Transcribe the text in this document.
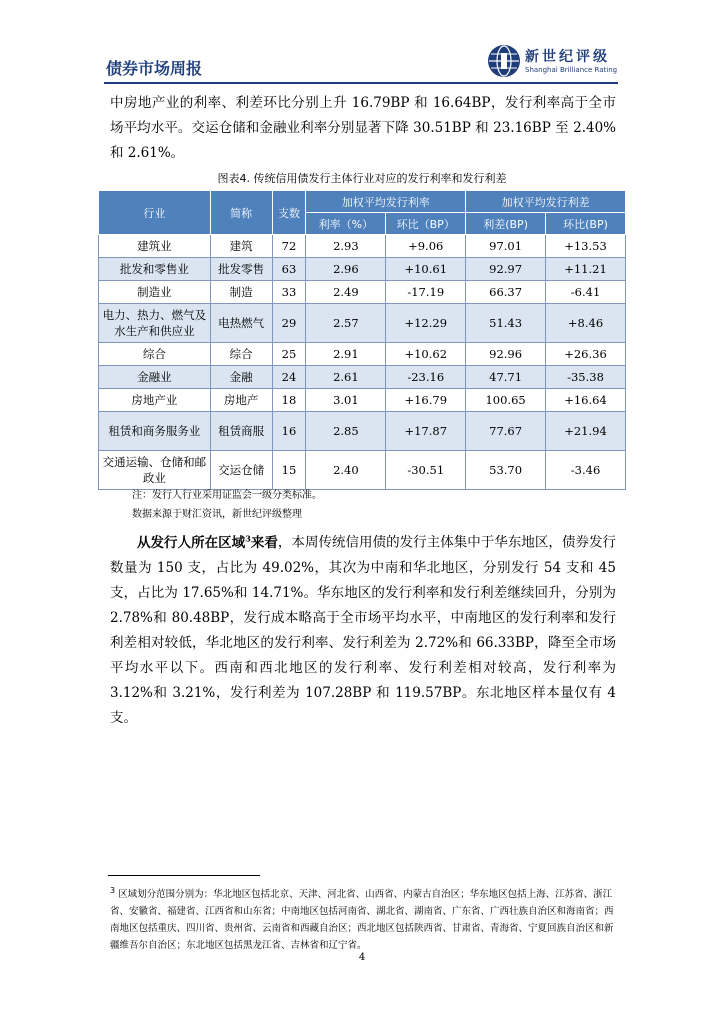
债券市场周报
新世纪评级
Shanghai Brilliance Rating

中房地产业的利率、利差环比分别上升 16.79BP 和 16.64BP，发行利率高于全市场平均水平。交运仓储和金融业利率分别显著下降 30.51BP 和 23.16BP 至 2.40%和 2.61%。

图表4. 传统信用债发行主体行业对应的发行利率和发行利差
行业	简称	支数	加权平均发行利率		加权平均发行利差	
			利率（%）	环比（BP）	利差(BP)	环比(BP)
建筑业	建筑	72	2.93	+9.06	97.01	+13.53
批发和零售业	批发零售	63	2.96	+10.61	92.97	+11.21
制造业	制造	33	2.49	-17.19	66.37	-6.41
电力、热力、燃气及水生产和供应业	电热燃气	29	2.57	+12.29	51.43	+8.46
综合	综合	25	2.91	+10.62	92.96	+26.36
金融业	金融	24	2.61	-23.16	47.71	-35.38
房地产业	房地产	18	3.01	+16.79	100.65	+16.64
租赁和商务服务业	租赁商服	16	2.85	+17.87	77.67	+21.94
交通运输、仓储和邮政业	交运仓储	15	2.40	-30.51	53.70	-3.46
注：发行人行业采用证监会一级分类标准。
数据来源于财汇资讯，新世纪评级整理

从发行人所在区域$^3$来看，本周传统信用债的发行主体集中于华东地区，债券发行数量为 150 支，占比为 49.02%，其次为中南和华北地区，分别发行 54 支和 45 支，占比为 17.65%和 14.71%。华东地区的发行利率和发行利差继续回升，分别为 2.78%和 80.48BP，发行成本略高于全市场平均水平，中南地区的发行利率和发行利差相对较低，华北地区的发行利率、发行利差为 2.72%和 66.33BP，降至全市场平均水平以下。西南和西北地区的发行利率、发行利差相对较高，发行利率为 3.12%和 3.21%，发行利差为 107.28BP 和 119.57BP。东北地区样本量仅有 4 支。

$^3$ 区域划分范围分别为：华北地区包括北京、天津、河北省、山西省、内蒙古自治区；华东地区包括上海、江苏省、浙江省、安徽省、福建省、江西省和山东省；中南地区包括河南省、湖北省、湖南省、广东省、广西壮族自治区和海南省；西南地区包括重庆、四川省、贵州省、云南省和西藏自治区；西北地区包括陕西省、甘肃省、青海省、宁夏回族自治区和新疆维吾尔自治区；东北地区包括黑龙江省、吉林省和辽宁省。

4
